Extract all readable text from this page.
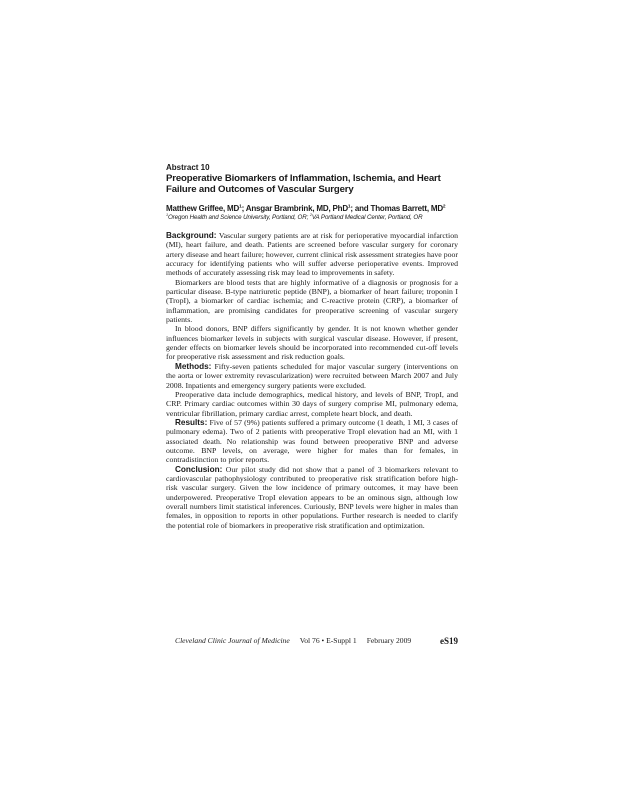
Abstract 10

Preoperative Biomarkers of Inflammation, Ischemia, and Heart Failure and Outcomes of Vascular Surgery

Matthew Griffee, $MD^1$; Ansgar Brambrink, MD, PhD$^1$; and Thomas Barrett, $MD^2$

$^1$Oregon Health and Science University, Portland, OR; $^2$VA Portland Medical Center, Portland, OR

Background: Vascular surgery patients are at risk for perioperative myocardial infarction (MI), heart failure, and death. Patients are screened before vascular surgery for coronary artery disease and heart failure; however, current clinical risk assessment strategies have poor accuracy for identifying patients who will suffer adverse perioperative events. Improved methods of accurately assessing risk may lead to improvements in safety.

Biomarkers are blood tests that are highly informative of a diagnosis or prognosis for a particular disease. B-type natriuretic peptide (BNP), a biomarker of heart failure; troponin I (TropI), a biomarker of cardiac ischemia; and C-reactive protein (CRP), a biomarker of inflammation, are promising candidates for preoperative screening of vascular surgery patients.

In blood donors, BNP differs significantly by gender. It is not known whether gender influences biomarker levels in subjects with surgical vascular disease. However, if present, gender effects on biomarker levels should be incorporated into recommended cut-off levels for preoperative risk assessment and risk reduction goals.

Methods: Fifty-seven patients scheduled for major vascular surgery (interventions on the aorta or lower extremity revascularization) were recruited between March 2007 and July 2008. Inpatients and emergency surgery patients were excluded.

Preoperative data include demographics, medical history, and levels of BNP, TropI, and CRP. Primary cardiac outcomes within 30 days of surgery comprise MI, pulmonary edema, ventricular fibrillation, primary cardiac arrest, complete heart block, and death.

Results: Five of 57 (9%) patients suffered a primary outcome (1 death, 1 MI, 3 cases of pulmonary edema). Two of 2 patients with preoperative TropI elevation had an MI, with 1 associated death. No relationship was found between preoperative BNP and adverse outcome. BNP levels, on average, were higher for males than for females, in contradistinction to prior reports.

Conclusion: Our pilot study did not show that a panel of 3 biomarkers relevant to cardiovascular pathophysiology contributed to preoperative risk stratification before high-risk vascular surgery. Given the low incidence of primary outcomes, it may have been underpowered. Preoperative TropI elevation appears to be an ominous sign, although low overall numbers limit statistical inferences. Curiously, BNP levels were higher in males than females, in opposition to reports in other populations. Further research is needed to clarify the potential role of biomarkers in preoperative risk stratification and optimization.

Cleveland Clinic Journal of Medicine Vol 76 • E-Suppl 1 February 2009	eS19
